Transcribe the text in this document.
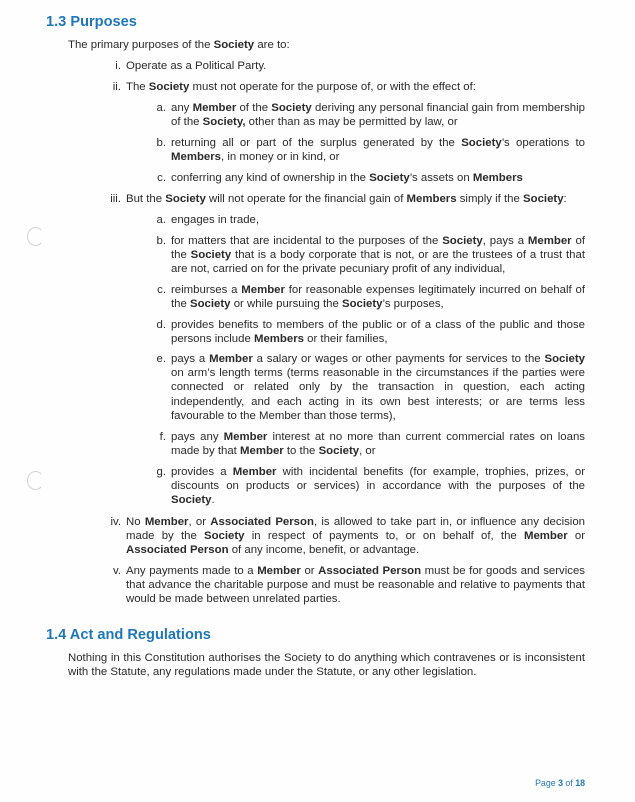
1.3 Purposes

The primary purposes of the Society are to:

i. Operate as a Political Party.
ii. The Society must not operate for the purpose of, or with the effect of:
a. any Member of the Society deriving any personal financial gain from membership of the Society, other than as may be permitted by law, or
b. returning all or part of the surplus generated by the Society’s operations to Members, in money or in kind, or
c. conferring any kind of ownership in the Society’s assets on Members
iii. But the Society will not operate for the financial gain of Members simply if the Society:
a. engages in trade,
b. for matters that are incidental to the purposes of the Society, pays a Member of the Society that is a body corporate that is not, or are the trustees of a trust that are not, carried on for the private pecuniary profit of any individual,
c. reimburses a Member for reasonable expenses legitimately incurred on behalf of the Society or while pursuing the Society’s purposes,
d. provides benefits to members of the public or of a class of the public and those persons include Members or their families,
e. pays a Member a salary or wages or other payments for services to the Society on arm’s length terms (terms reasonable in the circumstances if the parties were connected or related only by the transaction in question, each acting independently, and each acting in its own best interests; or are terms less favourable to the Member than those terms),
f. pays any Member interest at no more than current commercial rates on loans made by that Member to the Society, or
g. provides a Member with incidental benefits (for example, trophies, prizes, or discounts on products or services) in accordance with the purposes of the Society.
iv. No Member, or Associated Person, is allowed to take part in, or influence any decision made by the Society in respect of payments to, or on behalf of, the Member or Associated Person of any income, benefit, or advantage.
v. Any payments made to a Member or Associated Person must be for goods and services that advance the charitable purpose and must be reasonable and relative to payments that would be made between unrelated parties.
1.4 Act and Regulations

Nothing in this Constitution authorises the Society to do anything which contravenes or is inconsistent with the Statute, any regulations made under the Statute, or any other legislation.

Page 3 of 18
